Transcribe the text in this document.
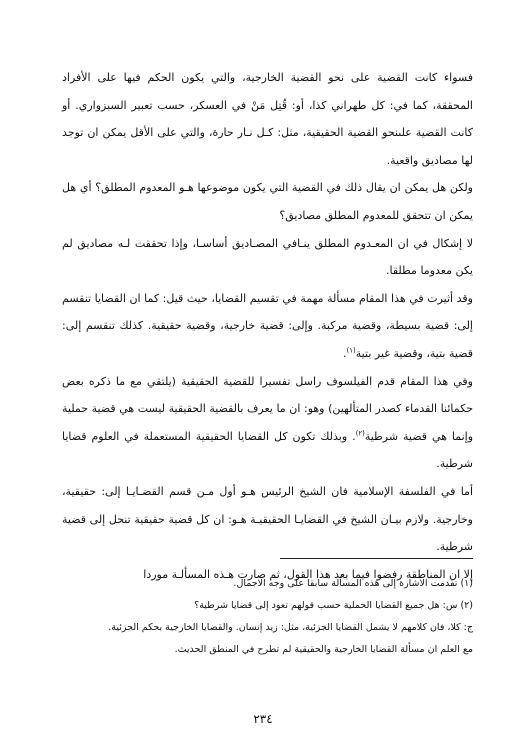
فسواء كانت القضية على نحو القضية الخارجية، والتي يكون الحكم فيها على الأفراد المحققة، كما في: كل طهراني كذا، أو: قُتِل مَنْ في العسكر، حسب تعبير السبزواري. أو كانت القضية علىنحو القضية الحقيقية، مثل: كـل نـار حارة، والتي على الأقل يمكن ان توجد لها مصاديق واقعية.

ولكن هل يمكن ان يقال ذلك في القضية التي يكون موضوعها هـو المعدوم المطلق؟ أي هل يمكن ان تتحقق للمعدوم المطلق مصاديق؟

لا إشكال في ان المعـدوم المطلق ينـافي المصـاديق أساسـا، وإذا تحققت لـه مصاديق لم يكن معدوما مطلقا.

وقد أثيرت في هذا المقام مسألة مهمة في تقسيم القضايا، حيث قيل: كما ان القضايا تنقسم إلى: قضية بسيطة، وقضية مركبة. وإلى: قضية خارجية، وقضية حقيقية. كذلك تنقسم إلى: قضية بتية، وقضية غير بتية$^{(١)}$.

وفي هذا المقام قدم الفيلسوف راسل تفسيرا للقضية الحقيقية (يلتقي مع ما ذكره بعض حكمائنا القدماء كصدر المتألهين) وهو: ان ما يعرف بالقضية الحقيقية ليست هي قضية حملية وإنما هي قضية شرطية$^{(٢)}$. وبذلك تكون كل القضايا الحقيقية المستعملة في العلوم قضايا شرطية.

أما في الفلسفة الإسلامية فان الشيخ الرئيس هـو أول مـن قسم القضـايـا إلى: حقيقية، وخارجية. ولازم بيـان الشيخ في القضايـا الحقيقيـة هـو: ان كل قضية حقيقية تنحل إلى قضية شرطية.

إلا ان المناطقة رفضوا فيما بعد هذا القول، ثم صارت هـذه المسألـة موردا

(١) تقدمت الاشارة إلى هذه المسألة سابقا على وجه الاجمال.

(٢) س: هل جميع القضايا الحملية حسب قولهم تعود إلى قضايا شرطية؟

ج: كلا، فان كلامهم لا يشمل القضايا الجزئية، مثل: زيد إنسان. والقضايا الخارجية بحكم الجزئية.

مع العلم ان مسألة القضايا الخارجية والحقيقية لم تطرح في المنطق الحديث.

٢٣٤
